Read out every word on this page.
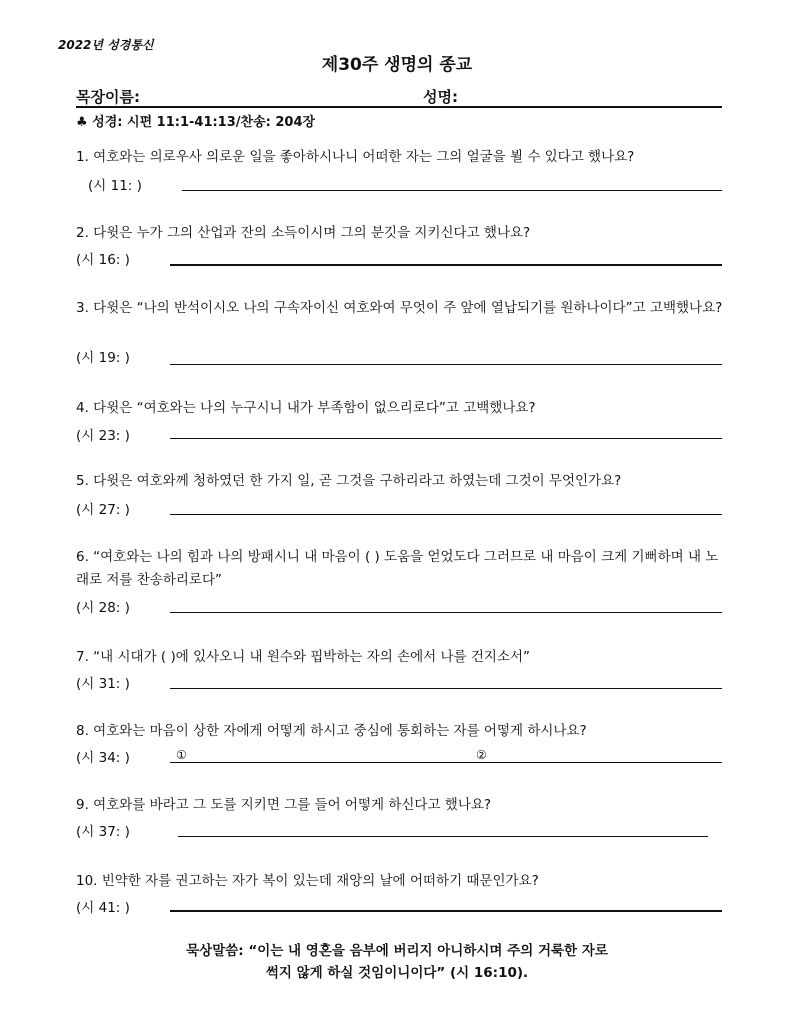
2022년 성경통신
제30주 생명의 종교
목장이름:	성명:
♣ 성경: 시편 11:1-41:13/찬송: 204장
1. 여호와는 의로우사 의로운 일을 좋아하시나니 어떠한 자는 그의 얼굴을 뵐 수 있다고 했나요?
(시 11: )
2. 다윗은 누가 그의 산업과 잔의 소득이시며 그의 분깃을 지키신다고 했나요?
(시 16: )
3. 다윗은 “나의 반석이시오 나의 구속자이신 여호와여 무엇이 주 앞에 열납되기를 원하나이다”고 고백했나요?
(시 19: )
4. 다윗은 “여호와는 나의 누구시니 내가 부족함이 없으리로다”고 고백했나요?
(시 23: )
5. 다윗은 여호와께 청하였던 한 가지 일, 곧 그것을 구하리라고 하였는데 그것이 무엇인가요?
(시 27: )
6. “여호와는 나의 힘과 나의 방패시니 내 마음이 ( ) 도움을 얻었도다 그러므로 내 마음이 크게 기뻐하며 내 노래로 저를 찬송하리로다”
(시 28: )
7. “내 시대가 ( )에 있사오니 내 원수와 핍박하는 자의 손에서 나를 건지소서”
(시 31: )
8. 여호와는 마음이 상한 자에게 어떻게 하시고 중심에 통회하는 자를 어떻게 하시나요?
(시 34: )	①	②
9. 여호와를 바라고 그 도를 지키면 그를 들어 어떻게 하신다고 했나요?
(시 37: )
10. 빈약한 자를 권고하는 자가 복이 있는데 재앙의 날에 어떠하기 때문인가요?
(시 41: )
묵상말씀: “이는 내 영혼을 음부에 버리지 아니하시며 주의 거룩한 자로
썩지 않게 하실 것임이니이다” (시 16:10).
